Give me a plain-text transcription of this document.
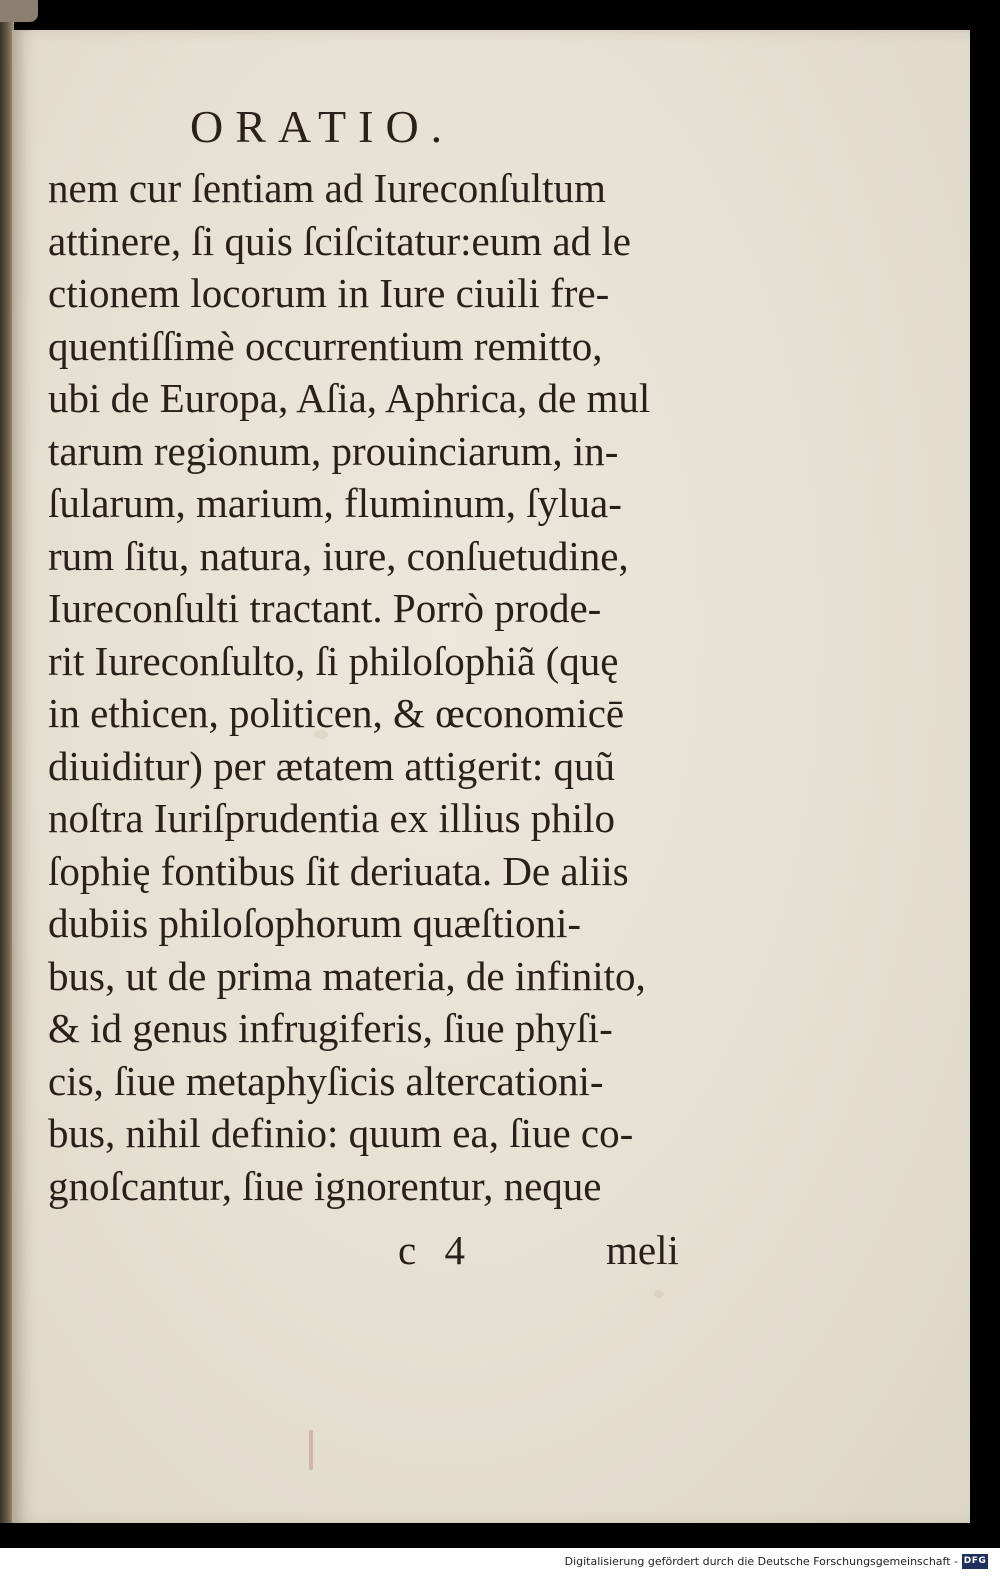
ORATIO.
nem cur ſentiam ad Iureconſultum
attinere, ſi quis ſciſcitatur:eum ad le
ctionem locorum in Iure ciuili fre-
quentiſſimè occurrentium remitto,
ubi de Europa, Aſia, Aphrica, de mul
tarum regionum, prouinciarum, in-
ſularum, marium, fluminum, ſylua-
rum ſitu, natura, iure, conſuetudine,
Iureconſulti tractant. Porrò prode-
rit Iureconſulto, ſi philoſophiã (quę
in ethicen, politicen, & œconomicē
diuiditur) per ætatem attigerit: quũ
noſtra Iuriſprudentia ex illius philo
ſophię fontibus ſit deriuata. De aliis
dubiis philoſophorum quæſtioni-
bus, ut de prima materia, de infinito,
& id genus infrugiferis, ſiue phyſi-
cis, ſiue metaphyſicis altercationi-
bus, nihil definio: quum ea, ſiue co-
gnoſcantur, ſiue ignorentur, neque
c 4	meli
Digitalisierung gefördert durch die Deutsche Forschungsgemeinschaft - DFG
